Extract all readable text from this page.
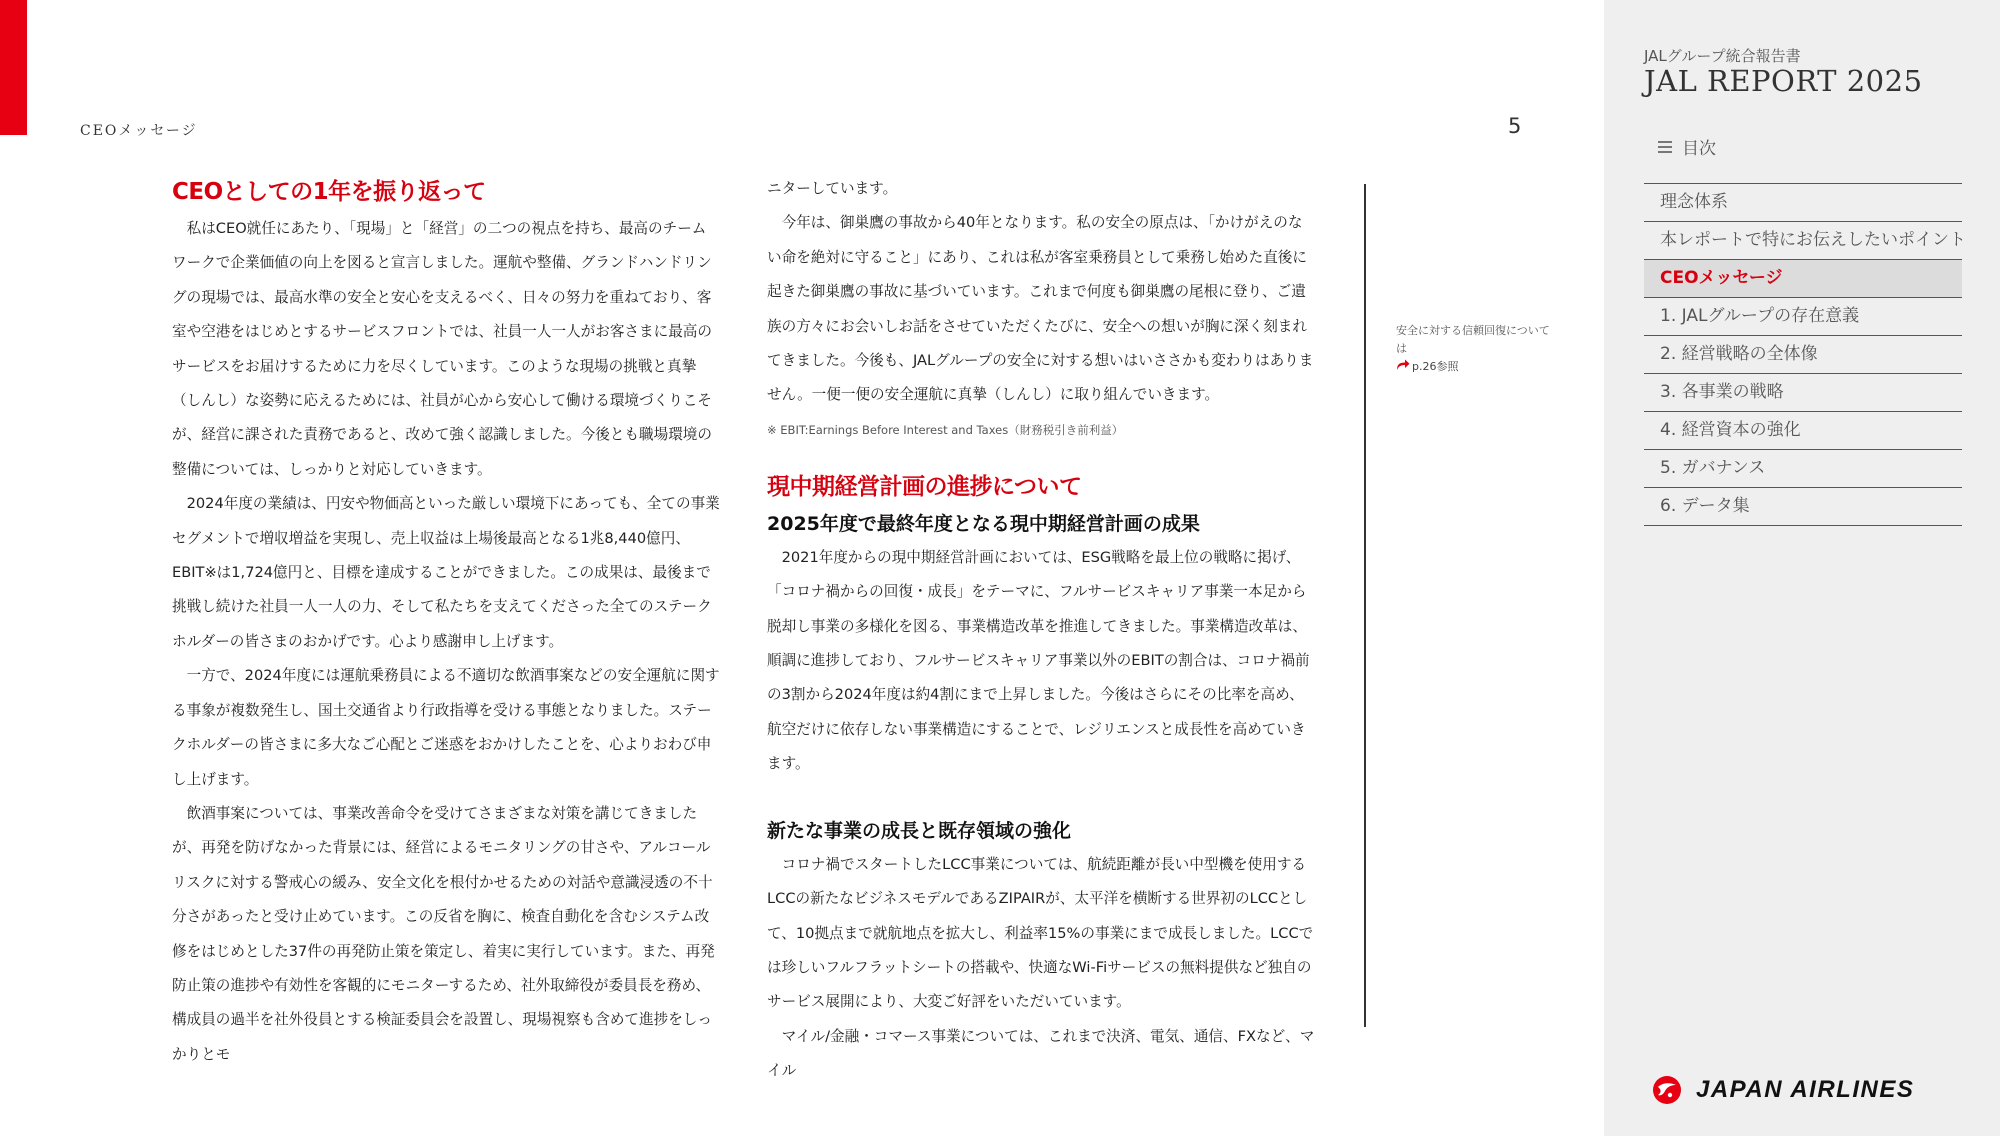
CEOメッセージ	5
CEOとしての1年を振り返って

私はCEO就任にあたり、「現場」と「経営」の二つの視点を持ち、最高のチームワークで企業価値の向上を図ると宣言しました。運航や整備、グランドハンドリングの現場では、最高水準の安全と安心を支えるべく、日々の努力を重ねており、客室や空港をはじめとするサービスフロントでは、社員一人一人がお客さまに最高のサービスをお届けするために力を尽くしています。このような現場の挑戦と真摯（しんし）な姿勢に応えるためには、社員が心から安心して働ける環境づくりこそが、経営に課された責務であると、改めて強く認識しました。今後とも職場環境の整備については、しっかりと対応していきます。

2024年度の業績は、円安や物価高といった厳しい環境下にあっても、全ての事業セグメントで増収増益を実現し、売上収益は上場後最高となる1兆8,440億円、EBIT※は1,724億円と、目標を達成することができました。この成果は、最後まで挑戦し続けた社員一人一人の力、そして私たちを支えてくださった全てのステークホルダーの皆さまのおかげです。心より感謝申し上げます。

一方で、2024年度には運航乗務員による不適切な飲酒事案などの安全運航に関する事象が複数発生し、国土交通省より行政指導を受ける事態となりました。ステークホルダーの皆さまに多大なご心配とご迷惑をおかけしたことを、心よりおわび申し上げます。

飲酒事案については、事業改善命令を受けてさまざまな対策を講じてきましたが、再発を防げなかった背景には、経営によるモニタリングの甘さや、アルコールリスクに対する警戒心の緩み、安全文化を根付かせるための対話や意識浸透の不十分さがあったと受け止めています。この反省を胸に、検査自動化を含むシステム改修をはじめとした37件の再発防止策を策定し、着実に実行しています。また、再発防止策の進捗や有効性を客観的にモニターするため、社外取締役が委員長を務め、構成員の過半を社外役員とする検証委員会を設置し、現場視察も含めて進捗をしっかりとモ

ニターしています。

今年は、御巣鷹の事故から40年となります。私の安全の原点は、「かけがえのない命を絶対に守ること」にあり、これは私が客室乗務員として乗務し始めた直後に起きた御巣鷹の事故に基づいています。これまで何度も御巣鷹の尾根に登り、ご遺族の方々にお会いしお話をさせていただくたびに、安全への想いが胸に深く刻まれてきました。今後も、JALグループの安全に対する想いはいささかも変わりはありません。一便一便の安全運航に真摯（しんし）に取り組んでいきます。

※ EBIT:Earnings Before Interest and Taxes（財務税引き前利益）
現中期経営計画の進捗について
2025年度で最終年度となる現中期経営計画の成果

2021年度からの現中期経営計画においては、ESG戦略を最上位の戦略に掲げ、「コロナ禍からの回復・成長」をテーマに、フルサービスキャリア事業一本足から脱却し事業の多様化を図る、事業構造改革を推進してきました。事業構造改革は、順調に進捗しており、フルサービスキャリア事業以外のEBITの割合は、コロナ禍前の3割から2024年度は約4割にまで上昇しました。今後はさらにその比率を高め、航空だけに依存しない事業構造にすることで、レジリエンスと成長性を高めていきます。

新たな事業の成長と既存領域の強化

コロナ禍でスタートしたLCC事業については、航続距離が長い中型機を使用するLCCの新たなビジネスモデルであるZIPAIRが、太平洋を横断する世界初のLCCとして、10拠点まで就航地点を拡大し、利益率15%の事業にまで成長しました。LCCでは珍しいフルフラットシートの搭載や、快適なWi-Fiサービスの無料提供など独自のサービス展開により、大変ご好評をいただいています。

マイル/金融・コマース事業については、これまで決済、電気、通信、FXなど、マイル

安全に対する信頼回復については
p.26参照
JALグループ統合報告書
JAL REPORT 2025
目次
理念体系
本レポートで特にお伝えしたいポイント
CEOメッセージ
1. JALグループの存在意義
2. 経営戦略の全体像
3. 各事業の戦略
4. 経営資本の強化
5. ガバナンス
6. データ集
JAPAN AIRLINES
